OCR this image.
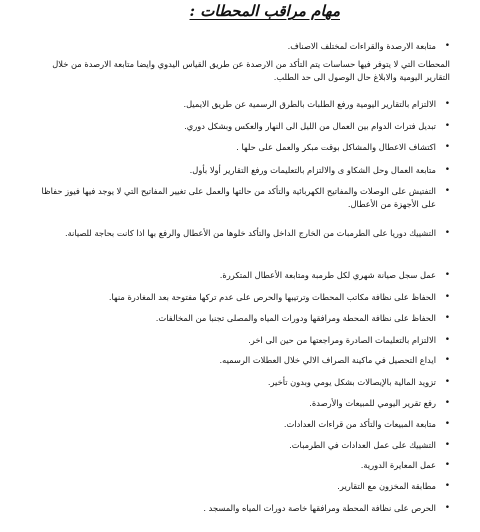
مهام مراقب المحطات :
•
متابعة الارصدة والقراءات لمختلف الاصناف.
المحطات التي لا يتوفر فيها حساسات يتم التأكد من الارصدة عن طريق القياس اليدوي وايضا متابعة الارصدة من خلال التقارير اليومية والابلاغ حال الوصول الى حد الطلب.
•
الالتزام بالتقارير اليومية ورفع الطلبات بالطرق الرسمية عن طريق الايميل.
•
تبديل فترات الدوام بين العمال من الليل الى النهار والعكس وبشكل دوري.
•
اكتشاف الاعطال والمشاكل بوقت مبكر والعمل على حلها .
•
متابعة العمال وحل الشكاو ى والالتزام بالتعليمات ورفع التقارير أولا بأول.
•
التفتيش على الوصلات والمفاتيح الكهربائية والتأكد من حالتها والعمل على تغيير المفاتيح التي لا يوجد فيها فيوز حفاظا على الأجهزة من الأعطال.
•
التشييك دوريا على الطرمبات من الخارج الداخل والتأكد خلوها من الأعطال والرفع بها اذا كانت بحاجة للصيانة.
•
عمل سجل صيانة شهري لكل طرمبة ومتابعة الأعطال المتكررة.
•
الحفاظ على نظافة مكاتب المحطات وترتيبها والحرص على عدم تركها مفتوحة بعد المغادرة منها.
•
الحفاظ على نظافة المحطة ومرافقها ودورات المياه والمصلى تجنبا من المخالفات.
•
الالتزام بالتعليمات الصادرة ومراجعتها من حين الى اخر.
•
ايداع التحصيل في ماكينة الصراف الالي خلال العطلات الرسميه.
•
تزويد المالية بالإيصالات بشكل يومي وبدون تأخير.
•
رفع تقرير اليومي للمبيعات والأرصدة.
•
متابعة المبيعات والتأكد من قراءات العدادات.
•
التشييك على عمل العدادات في الطرمبات.
•
عمل المعايرة الدورية.
•
مطابقة المخزون مع التقارير.
•
الحرص على نظافة المحطة ومرافقها خاصة دورات المياه والمسجد .
